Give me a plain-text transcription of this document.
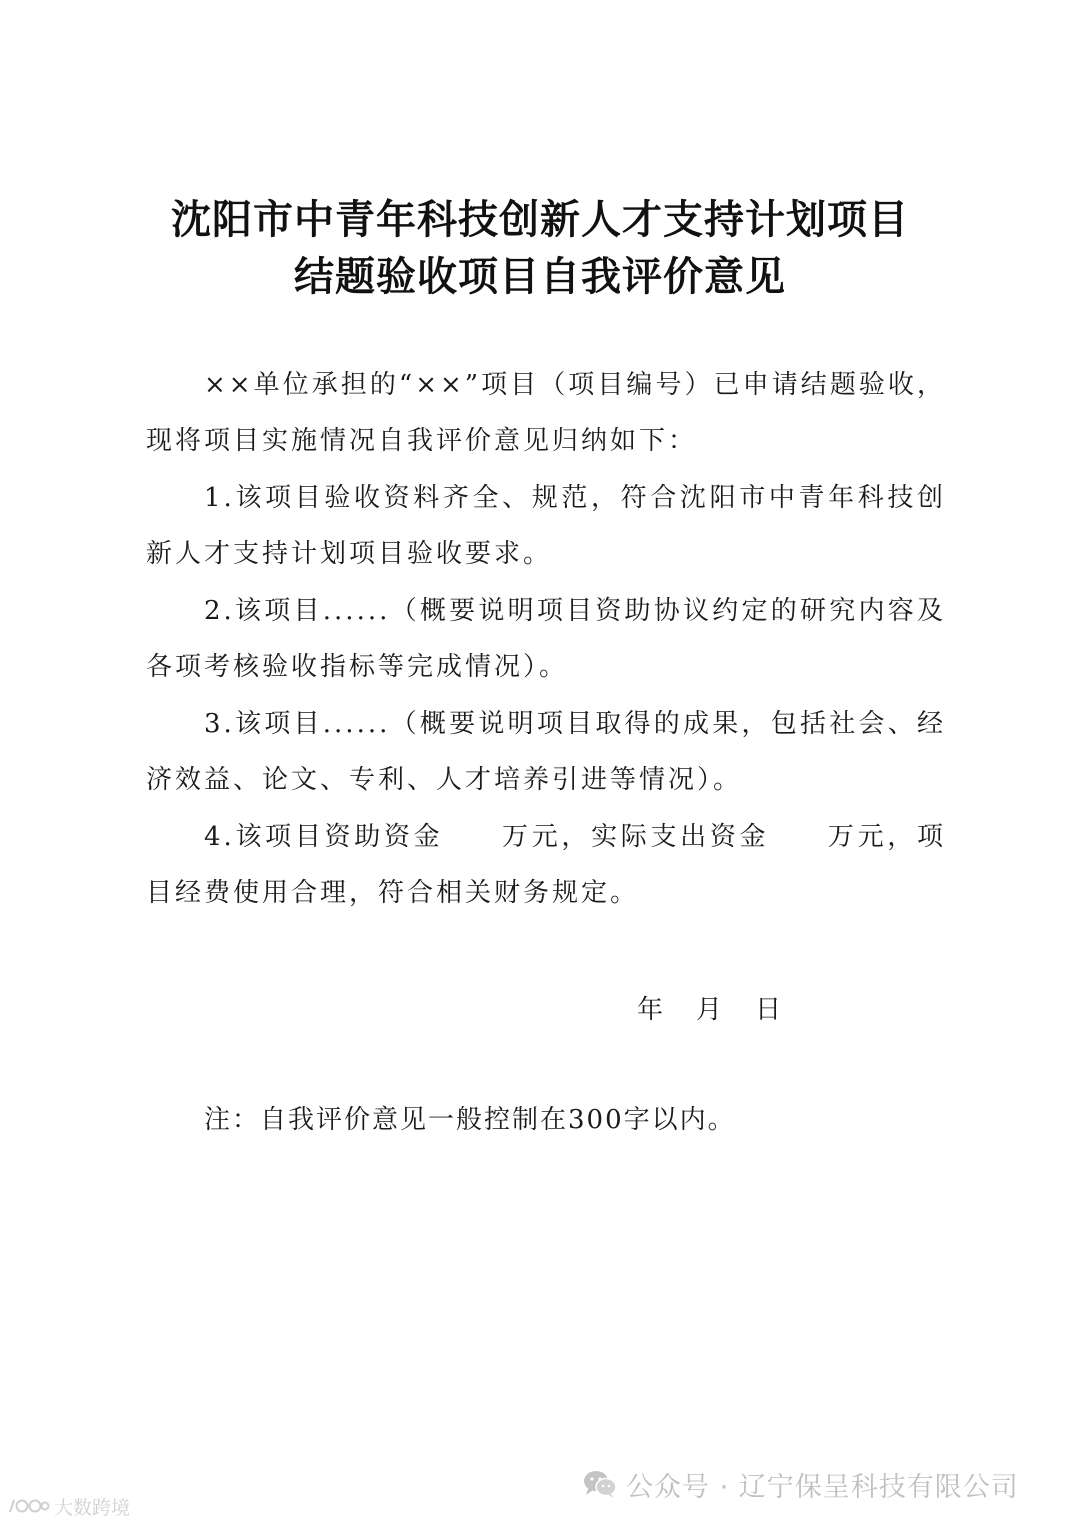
沈阳市中青年科技创新人才支持计划项目
结题验收项目自我评价意见
××单位承担的“××”项目（项目编号）已申请结题验收，现将项目实施情况自我评价意见归纳如下：
1.该项目验收资料齐全、规范，符合沈阳市中青年科技创新人才支持计划项目验收要求。
2.该项目......（概要说明项目资助协议约定的研究内容及各项考核验收指标等完成情况）。
3.该项目......（概要说明项目取得的成果，包括社会、经济效益、论文、专利、人才培养引进等情况）。
4.该项目资助资金 万元，实际支出资金 万元，项目经费使用合理，符合相关财务规定。
年    月    日
注：自我评价意见一般控制在300字以内。
公众号 · 辽宁保呈科技有限公司
大数跨境
